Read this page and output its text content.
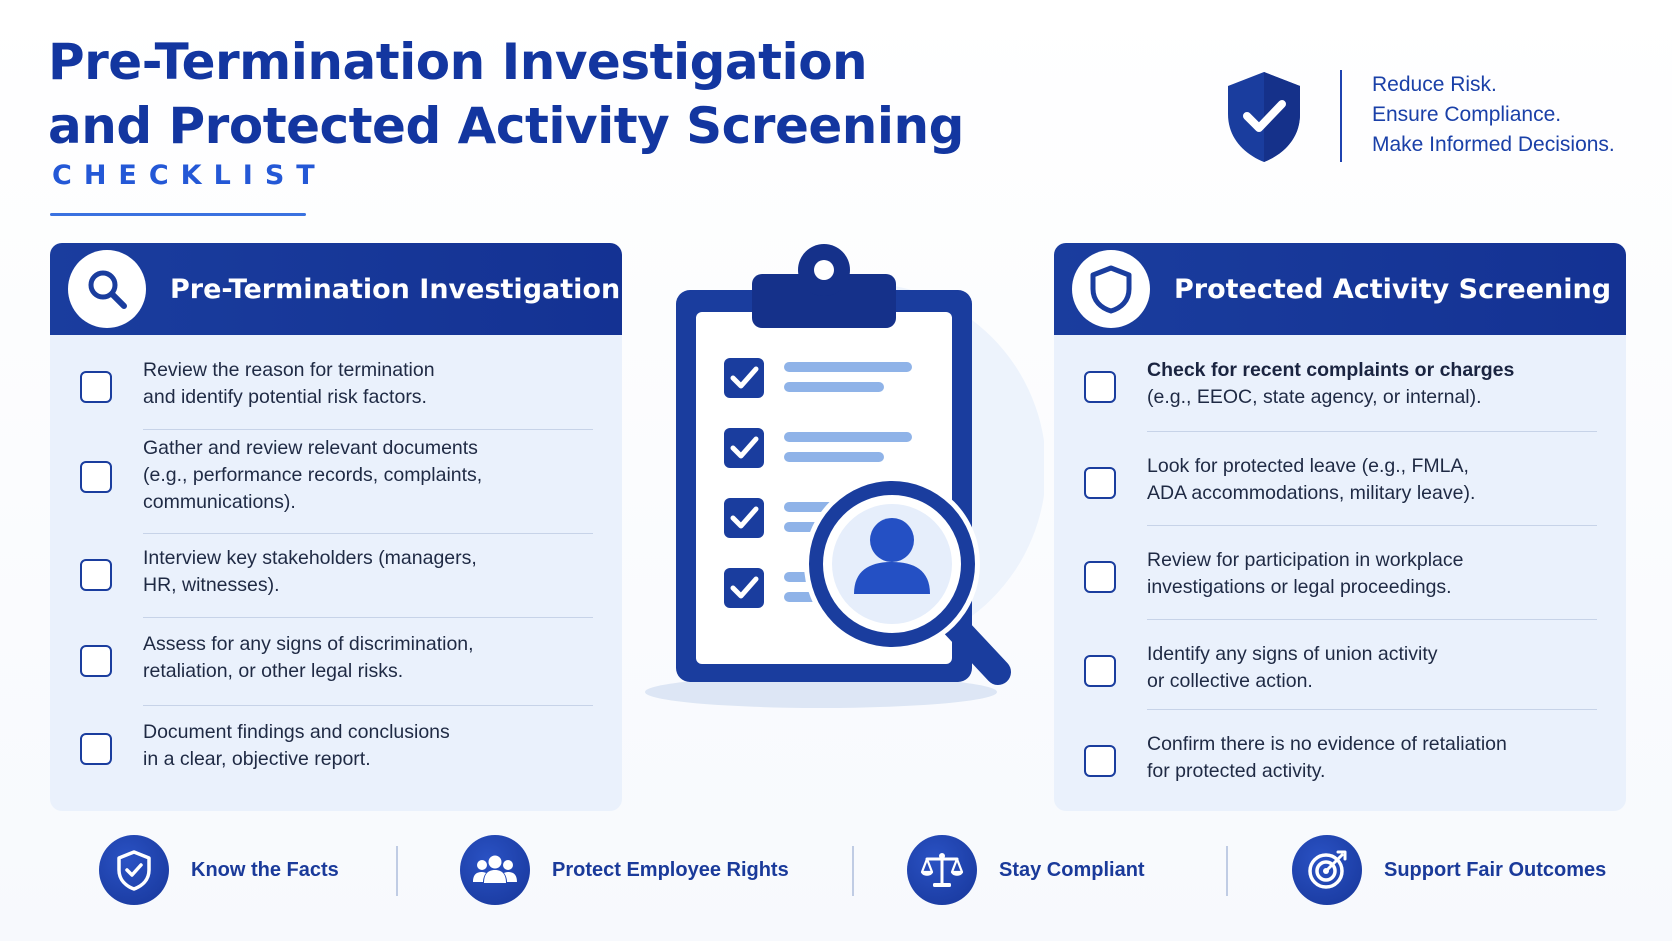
Pre-Termination Investigation
and Protected Activity Screening
CHECKLIST
Reduce Risk.
Ensure Compliance.
Make Informed Decisions.
Pre-Termination Investigation
Review the reason for termination
and identify potential risk factors.
Gather and review relevant documents
(e.g., performance records, complaints,
communications).
Interview key stakeholders (managers,
HR, witnesses).
Assess for any signs of discrimination,
retaliation, or other legal risks.
Document findings and conclusions
in a clear, objective report.
Protected Activity Screening
Check for recent complaints or charges
(e.g., EEOC, state agency, or internal).
Look for protected leave (e.g., FMLA,
ADA accommodations, military leave).
Review for participation in workplace
investigations or legal proceedings.
Identify any signs of union activity
or collective action.
Confirm there is no evidence of retaliation
for protected activity.
Know the Facts	Protect Employee Rights	Stay Compliant	Support Fair Outcomes
